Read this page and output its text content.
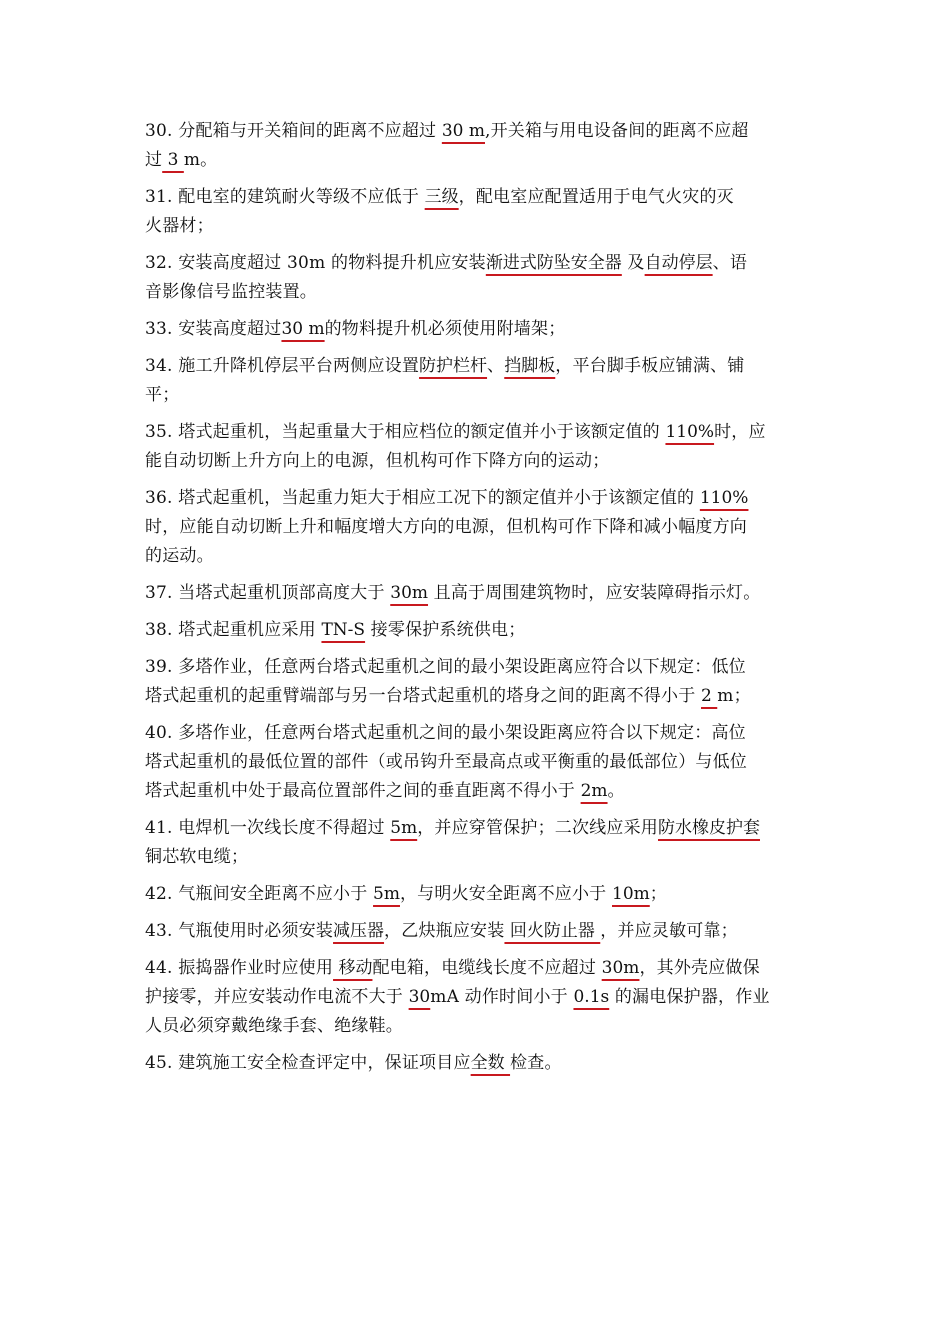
30. 分配箱与开关箱间的距离不应超过 30 m,开关箱与用电设备间的距离不应超
过 3 m。
31. 配电室的建筑耐火等级不应低于 三级，配电室应配置适用于电气火灾的灭
火器材；
32. 安装高度超过 30m 的物料提升机应安装渐进式防坠安全器 及自动停层、语
音影像信号监控装置。
33. 安装高度超过30 m的物料提升机必须使用附墙架；
34. 施工升降机停层平台两侧应设置防护栏杆、挡脚板，平台脚手板应铺满、铺
平；
35. 塔式起重机，当起重量大于相应档位的额定值并小于该额定值的 110%时，应
能自动切断上升方向上的电源，但机构可作下降方向的运动；
36. 塔式起重机，当起重力矩大于相应工况下的额定值并小于该额定值的 110%
时，应能自动切断上升和幅度增大方向的电源，但机构可作下降和减小幅度方向
的运动。
37. 当塔式起重机顶部高度大于 30m 且高于周围建筑物时，应安装障碍指示灯。
38. 塔式起重机应采用 TN-S 接零保护系统供电；
39. 多塔作业，任意两台塔式起重机之间的最小架设距离应符合以下规定：低位
塔式起重机的起重臂端部与另一台塔式起重机的塔身之间的距离不得小于 2 m；
40. 多塔作业，任意两台塔式起重机之间的最小架设距离应符合以下规定：高位
塔式起重机的最低位置的部件（或吊钩升至最高点或平衡重的最低部位）与低位
塔式起重机中处于最高位置部件之间的垂直距离不得小于 2m。
41. 电焊机一次线长度不得超过 5m，并应穿管保护；二次线应采用防水橡皮护套
铜芯软电缆；
42. 气瓶间安全距离不应小于 5m，与明火安全距离不应小于 10m；
43. 气瓶使用时必须安装减压器，乙炔瓶应安装 回火防止器 ，并应灵敏可靠；
44. 振捣器作业时应使用 移动配电箱，电缆线长度不应超过 30m，其外壳应做保
护接零，并应安装动作电流不大于 30mA 动作时间小于 0.1s 的漏电保护器，作业
人员必须穿戴绝缘手套、绝缘鞋。
45. 建筑施工安全检查评定中，保证项目应全数 检查。
